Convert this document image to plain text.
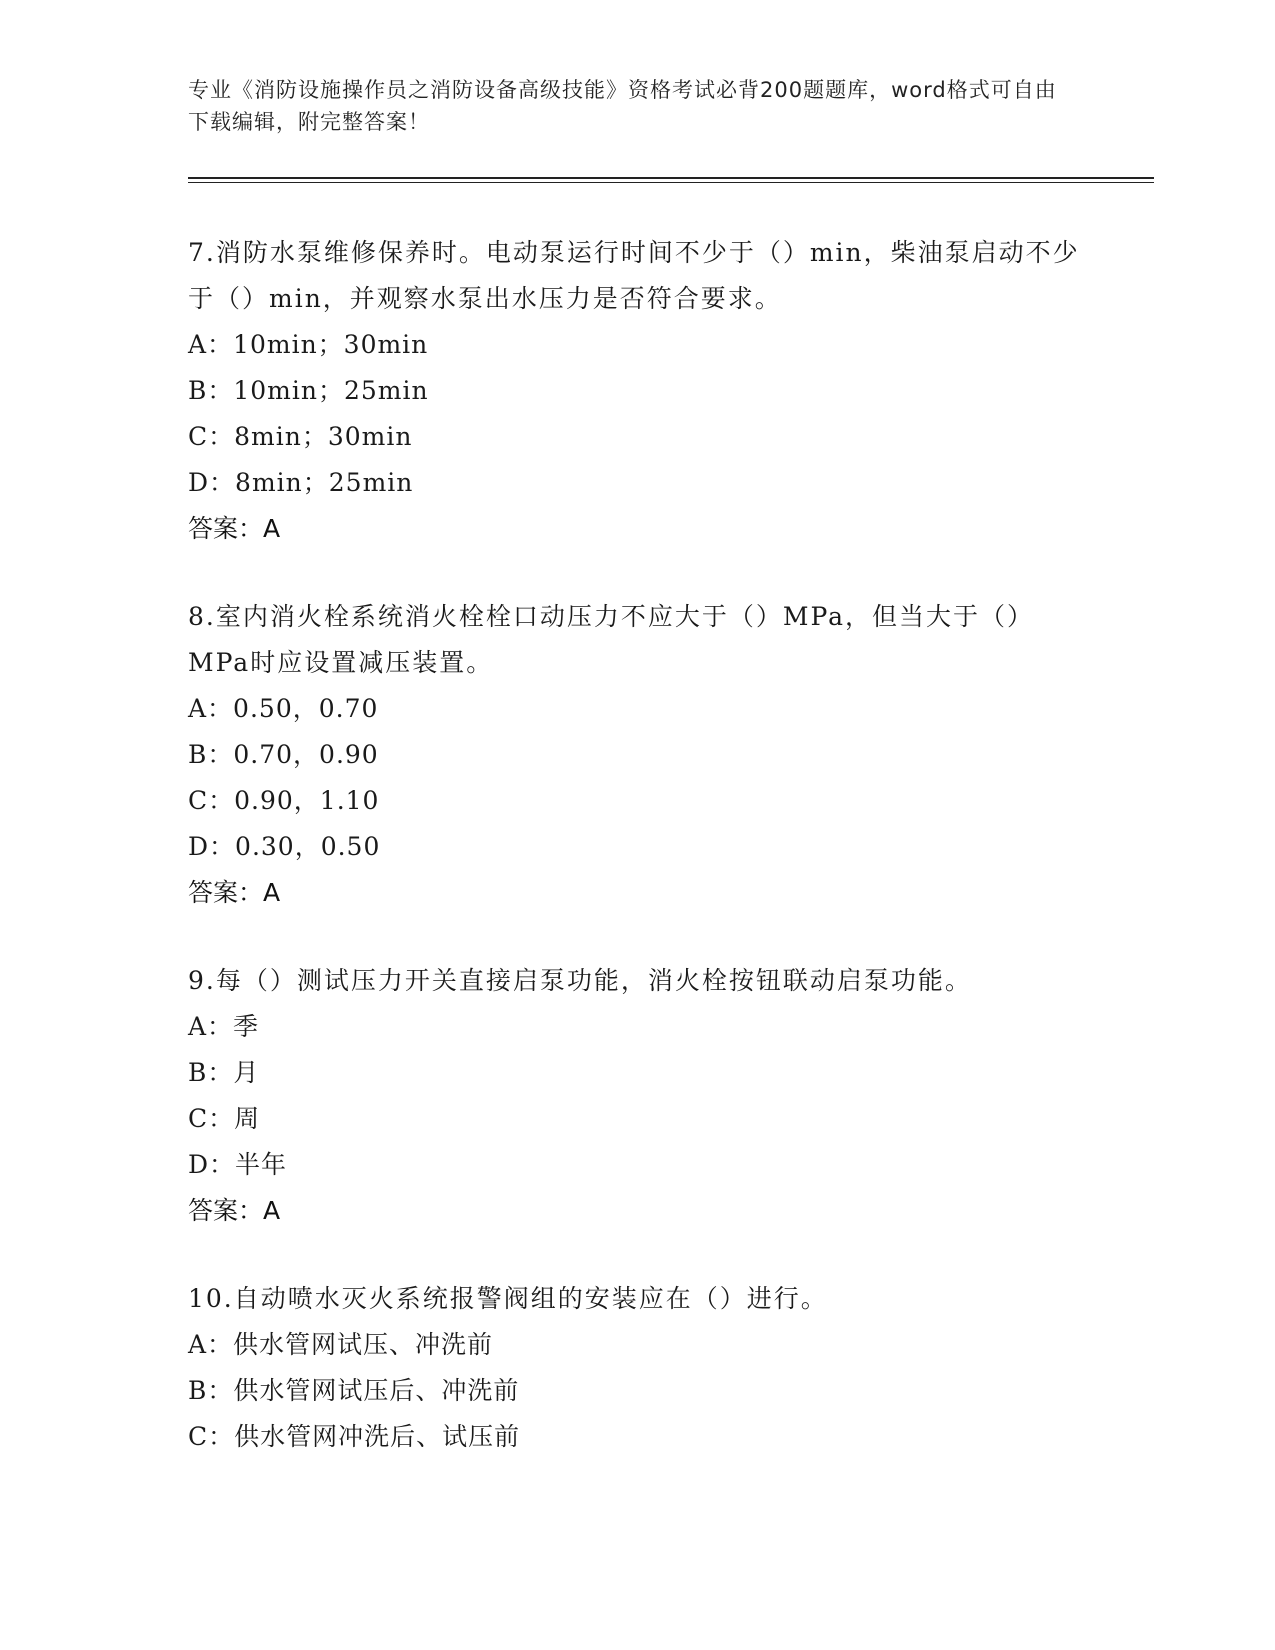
专业《消防设施操作员之消防设备高级技能》资格考试必背200题题库，word格式可自由下载编辑，附完整答案！

7.消防水泵维修保养时。电动泵运行时间不少于（）min，柴油泵启动不少于（）min，并观察水泵出水压力是否符合要求。

A：10min；30min

B：10min；25min

C：8min；30min

D：8min；25min

答案：A

8.室内消火栓系统消火栓栓口动压力不应大于（）MPa，但当大于（）MPa时应设置减压装置。

A：0.50，0.70

B：0.70，0.90

C：0.90，1.10

D：0.30，0.50

答案：A

9.每（）测试压力开关直接启泵功能，消火栓按钮联动启泵功能。

A：季

B：月

C：周

D：半年

答案：A

10.自动喷水灭火系统报警阀组的安装应在（）进行。

A：供水管网试压、冲洗前

B：供水管网试压后、冲洗前

C：供水管网冲洗后、试压前
